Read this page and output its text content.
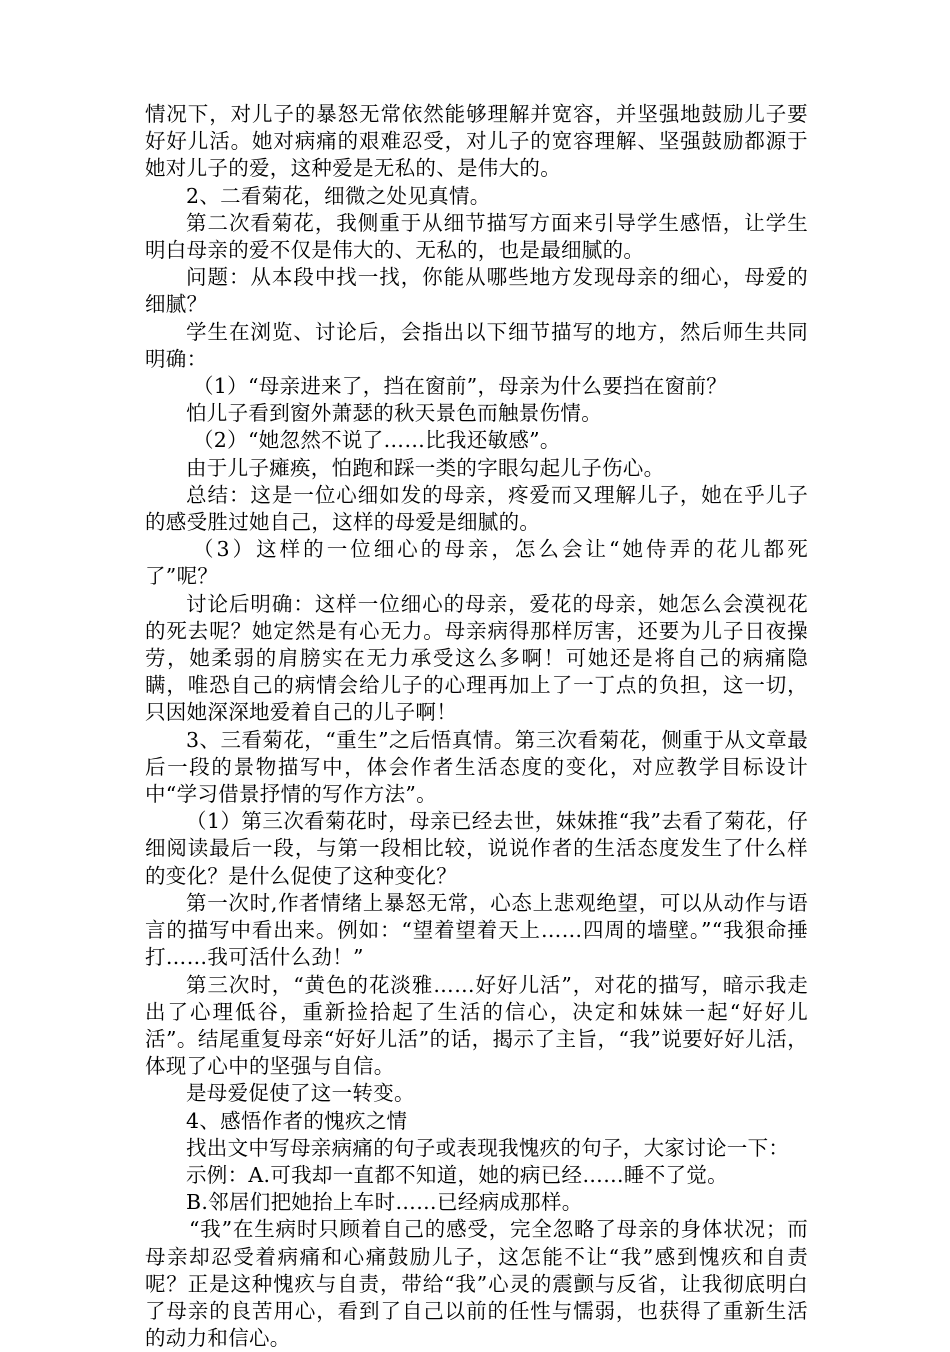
情况下，对儿子的暴怒无常依然能够理解并宽容，并坚强地鼓励儿子要好好儿活。她对病痛的艰难忍受，对儿子的宽容理解、坚强鼓励都源于她对儿子的爱，这种爱是无私的、是伟大的。

2、二看菊花，细微之处见真情。

第二次看菊花，我侧重于从细节描写方面来引导学生感悟，让学生明白母亲的爱不仅是伟大的、无私的，也是最细腻的。

问题：从本段中找一找，你能从哪些地方发现母亲的细心，母爱的细腻？

学生在浏览、讨论后，会指出以下细节描写的地方，然后师生共同明确：

（1）“母亲进来了，挡在窗前”，母亲为什么要挡在窗前？

怕儿子看到窗外萧瑟的秋天景色而触景伤情。

（2）“她忽然不说了……比我还敏感”。

由于儿子瘫痪，怕跑和踩一类的字眼勾起儿子伤心。

总结：这是一位心细如发的母亲，疼爱而又理解儿子，她在乎儿子的感受胜过她自己，这样的母爱是细腻的。

（3）这样的一位细心的母亲，怎么会让“她侍弄的花儿都死了”呢？

讨论后明确：这样一位细心的母亲，爱花的母亲，她怎么会漠视花的死去呢？她定然是有心无力。母亲病得那样厉害，还要为儿子日夜操劳，她柔弱的肩膀实在无力承受这么多啊！可她还是将自己的病痛隐瞒，唯恐自己的病情会给儿子的心理再加上了一丁点的负担，这一切，只因她深深地爱着自己的儿子啊！

3、三看菊花，“重生”之后悟真情。第三次看菊花，侧重于从文章最后一段的景物描写中，体会作者生活态度的变化，对应教学目标设计中“学习借景抒情的写作方法”。

（1）第三次看菊花时，母亲已经去世，妹妹推“我”去看了菊花，仔细阅读最后一段，与第一段相比较，说说作者的生活态度发生了什么样的变化？是什么促使了这种变化？

第一次时,作者情绪上暴怒无常，心态上悲观绝望，可以从动作与语言的描写中看出来。例如：“望着望着天上……四周的墙壁。”“我狠命捶打……我可活什么劲！”

第三次时，“黄色的花淡雅……好好儿活”，对花的描写，暗示我走出了心理低谷，重新捡拾起了生活的信心，决定和妹妹一起“好好儿活”。结尾重复母亲“好好儿活”的话，揭示了主旨，“我”说要好好儿活，体现了心中的坚强与自信。

是母爱促使了这一转变。

4、感悟作者的愧疚之情

找出文中写母亲病痛的句子或表现我愧疚的句子，大家讨论一下：

示例：A.可我却一直都不知道，她的病已经……睡不了觉。

B.邻居们把她抬上车时……已经病成那样。

“我”在生病时只顾着自己的感受，完全忽略了母亲的身体状况；而母亲却忍受着病痛和心痛鼓励儿子，这怎能不让“我”感到愧疚和自责呢？正是这种愧疚与自责，带给“我”心灵的震颤与反省，让我彻底明白了母亲的良苦用心，看到了自己以前的任性与懦弱，也获得了重新生活的动力和信心。
